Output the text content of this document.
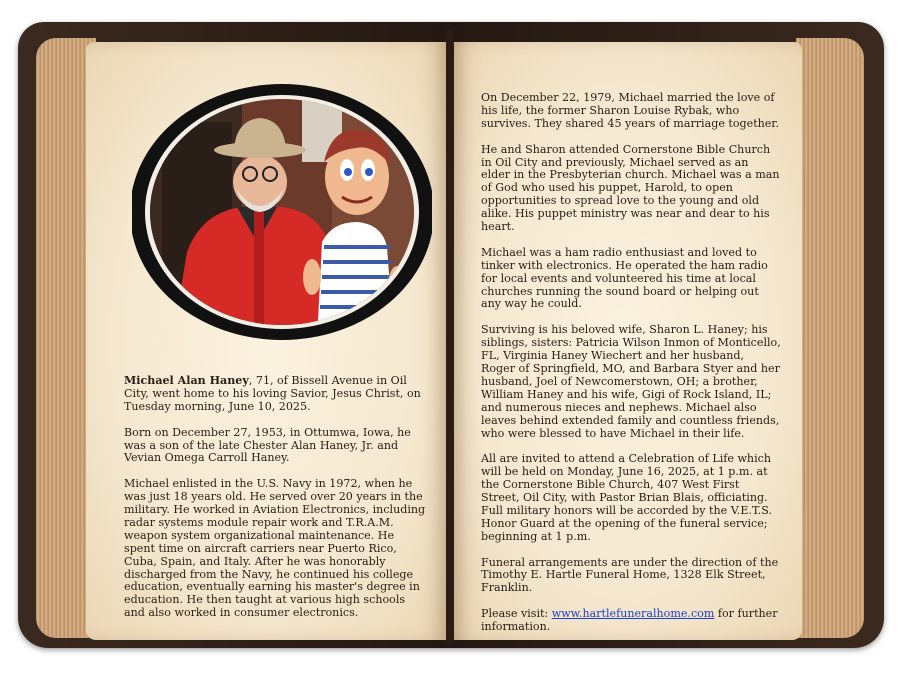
Michael Alan Haney, 71, of Bissell Avenue in Oil City, went home to his loving Savior, Jesus Christ, on Tuesday morning, June 10, 2025.

Born on December 27, 1953, in Ottumwa, Iowa, he was a son of the late Chester Alan Haney, Jr. and Vevian Omega Carroll Haney.

Michael enlisted in the U.S. Navy in 1972, when he was just 18 years old. He served over 20 years in the military. He worked in Aviation Electronics, including radar systems module repair work and T.R.A.M. weapon system organizational maintenance. He spent time on aircraft carriers near Puerto Rico, Cuba, Spain, and Italy. After he was honorably discharged from the Navy, he continued his college education, eventually earning his master's degree in education. He then taught at various high schools and also worked in consumer electronics.

On December 22, 1979, Michael married the love of his life, the former Sharon Louise Rybak, who survives. They shared 45 years of marriage together.

He and Sharon attended Cornerstone Bible Church in Oil City and previously, Michael served as an elder in the Presbyterian church. Michael was a man of God who used his puppet, Harold, to open opportunities to spread love to the young and old alike. His puppet ministry was near and dear to his heart.

Michael was a ham radio enthusiast and loved to tinker with electronics. He operated the ham radio for local events and volunteered his time at local churches running the sound board or helping out any way he could.

Surviving is his beloved wife, Sharon L. Haney; his siblings, sisters: Patricia Wilson Inmon of Monticello, FL, Virginia Haney Wiechert and her husband, Roger of Springfield, MO, and Barbara Styer and her husband, Joel of Newcomerstown, OH; a brother, William Haney and his wife, Gigi of Rock Island, IL; and numerous nieces and nephews. Michael also leaves behind extended family and countless friends, who were blessed to have Michael in their life.

All are invited to attend a Celebration of Life which will be held on Monday, June 16, 2025, at 1 p.m. at the Cornerstone Bible Church, 407 West First Street, Oil City, with Pastor Brian Blais, officiating. Full military honors will be accorded by the V.E.T.S. Honor Guard at the opening of the funeral service; beginning at 1 p.m.

Funeral arrangements are under the direction of the Timothy E. Hartle Funeral Home, 1328 Elk Street, Franklin.

Please visit: www.hartlefuneralhome.com for further information.
